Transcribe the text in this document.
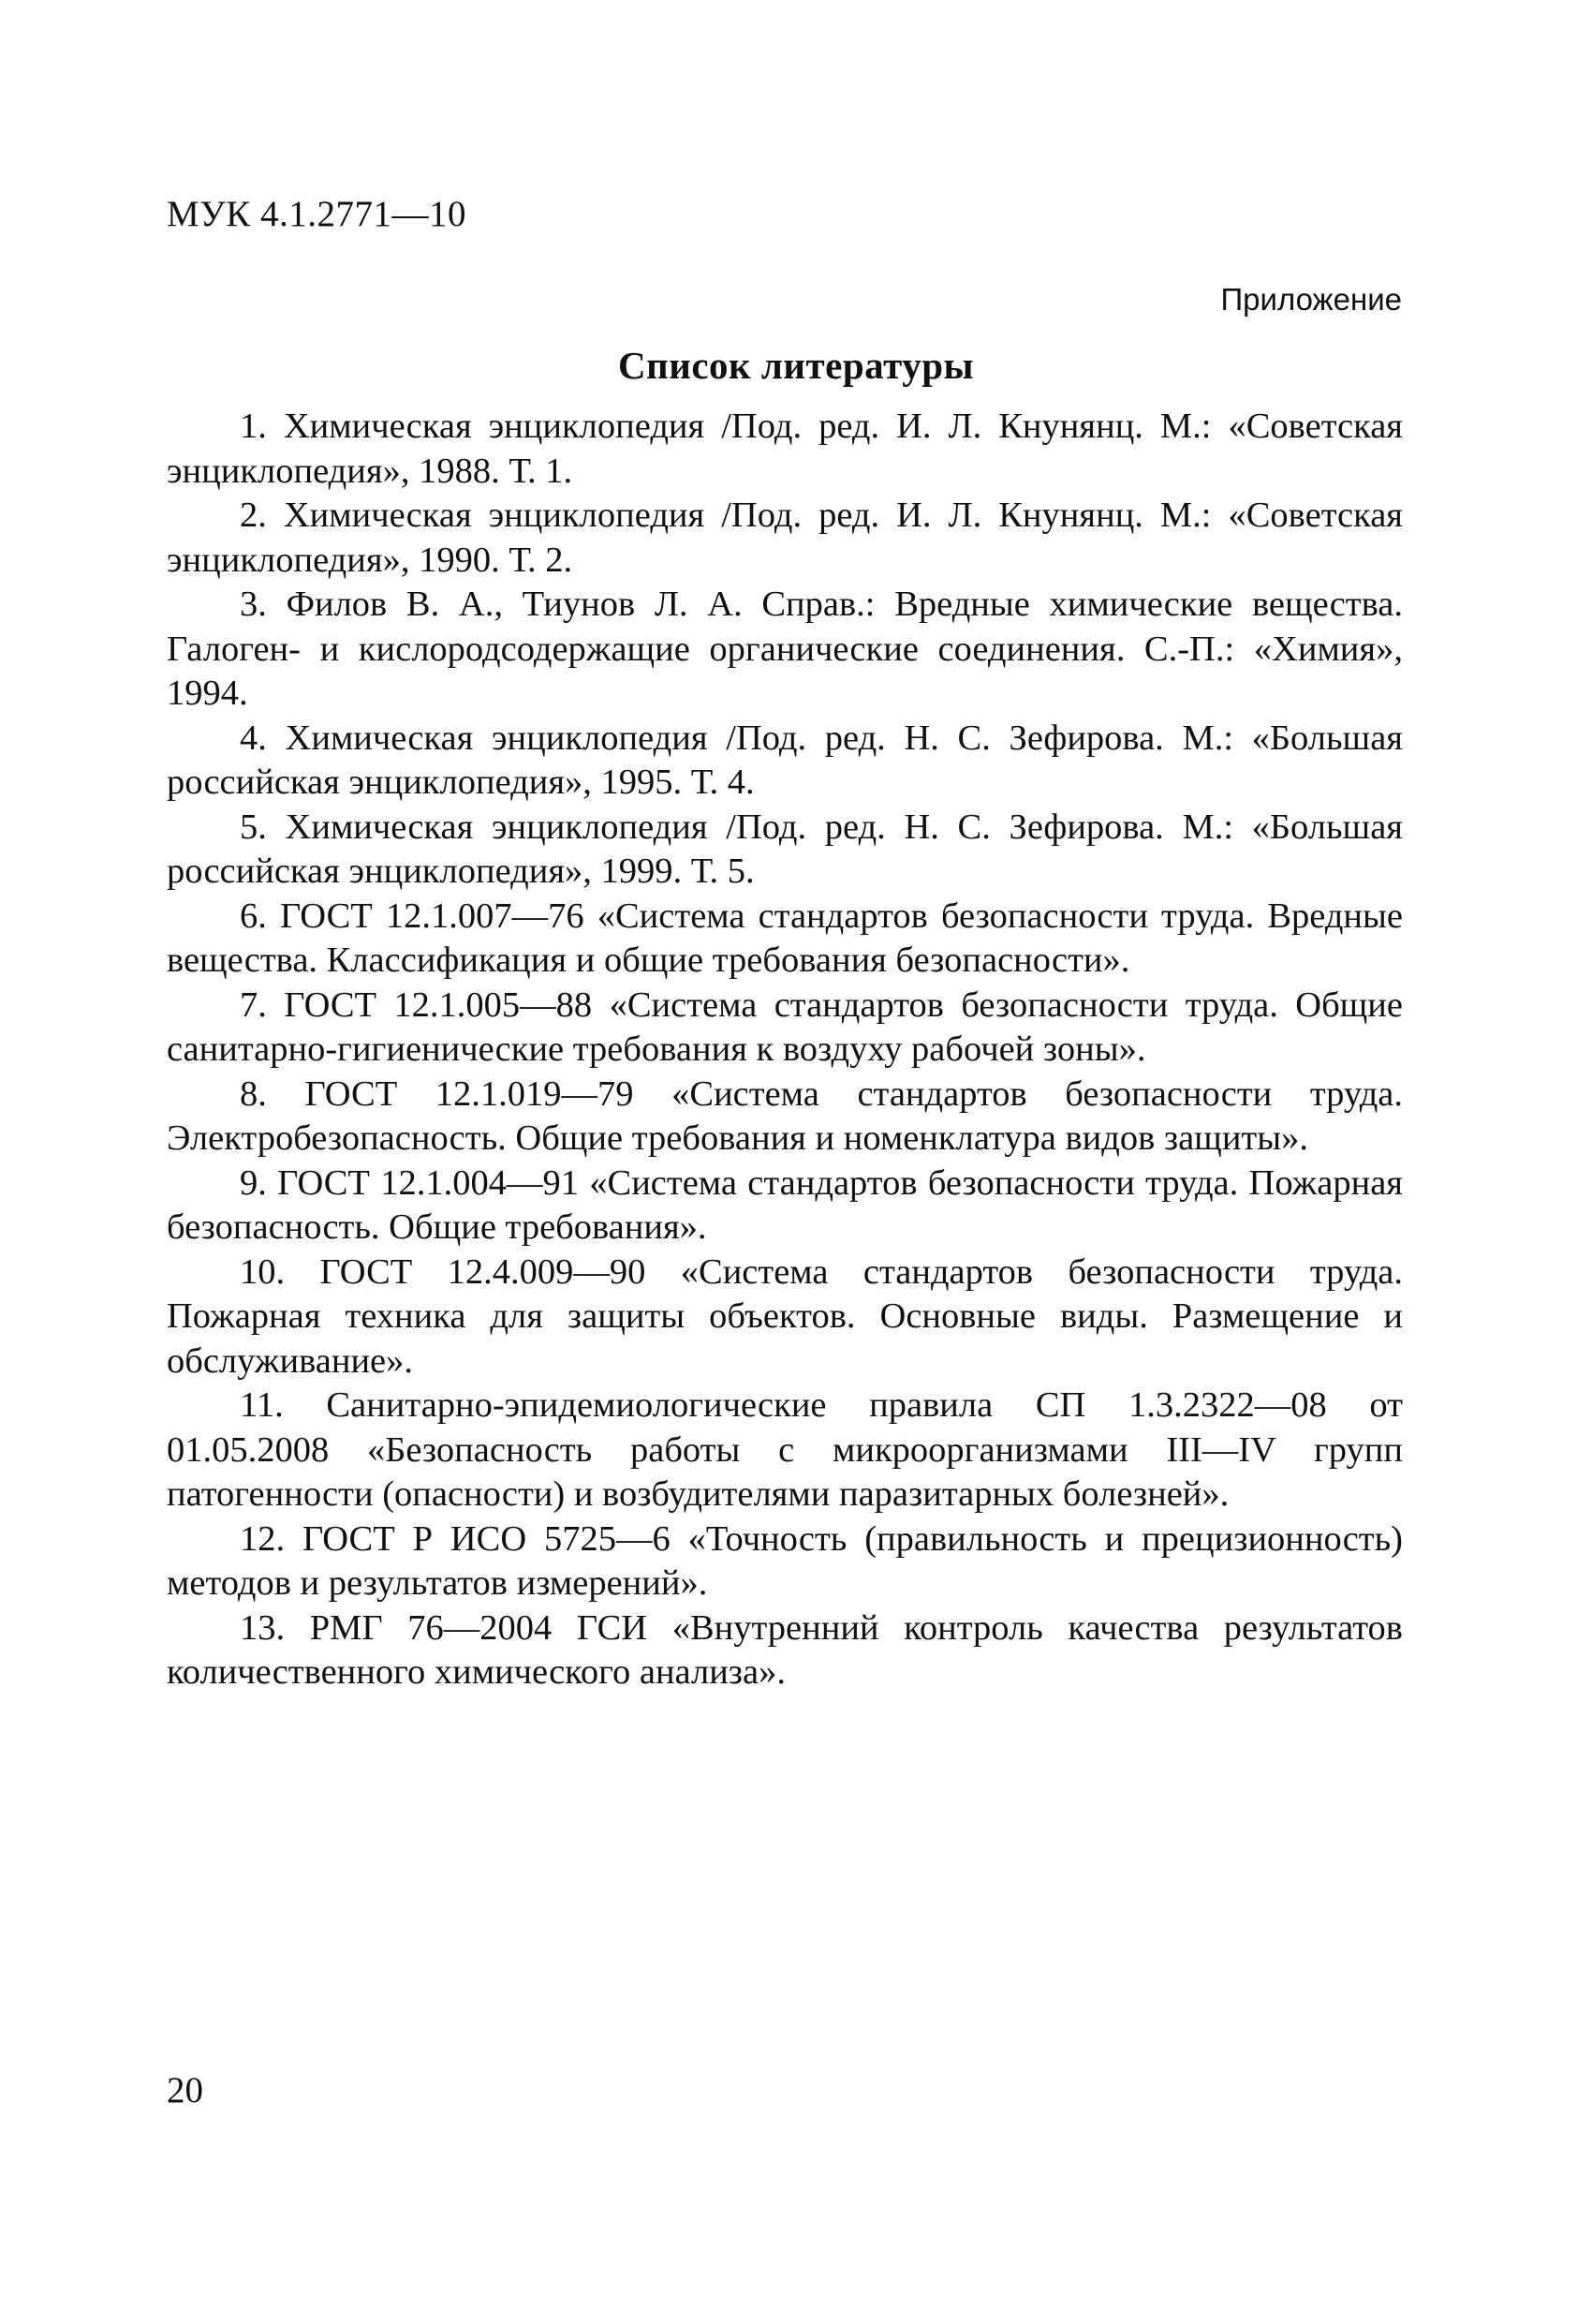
МУК 4.1.2771—10
Приложение
Список литературы
1. Химическая энциклопедия /Под. ред. И. Л. Кнунянц. М.: «Советская энциклопедия», 1988. Т. 1.
2. Химическая энциклопедия /Под. ред. И. Л. Кнунянц. М.: «Советская энциклопедия», 1990. Т. 2.
3. Филов В. А., Тиунов Л. А. Справ.: Вредные химические вещества. Галоген- и кислородсодержащие органические соединения. С.-П.: «Химия», 1994.
4. Химическая энциклопедия /Под. ред. Н. С. Зефирова. М.: «Большая российская энциклопедия», 1995. Т. 4.
5. Химическая энциклопедия /Под. ред. Н. С. Зефирова. М.: «Большая российская энциклопедия», 1999. Т. 5.
6. ГОСТ 12.1.007—76 «Система стандартов безопасности труда. Вредные вещества. Классификация и общие требования безопасности».
7. ГОСТ 12.1.005—88 «Система стандартов безопасности труда. Общие санитарно-гигиенические требования к воздуху рабочей зоны».
8. ГОСТ 12.1.019—79 «Система стандартов безопасности труда. Электробезопасность. Общие требования и номенклатура видов защиты».
9. ГОСТ 12.1.004—91 «Система стандартов безопасности труда. Пожарная безопасность. Общие требования».
10. ГОСТ 12.4.009—90 «Система стандартов безопасности труда. Пожарная техника для защиты объектов. Основные виды. Размещение и обслуживание».
11. Санитарно-эпидемиологические правила СП 1.3.2322—08 от 01.05.2008 «Безопасность работы с микроорганизмами III—IV групп патогенности (опасности) и возбудителями паразитарных болезней».
12. ГОСТ Р ИСО 5725—6 «Точность (правильность и прецизионность) методов и результатов измерений».
13. РМГ 76—2004 ГСИ «Внутренний контроль качества результатов количественного химического анализа».
20
